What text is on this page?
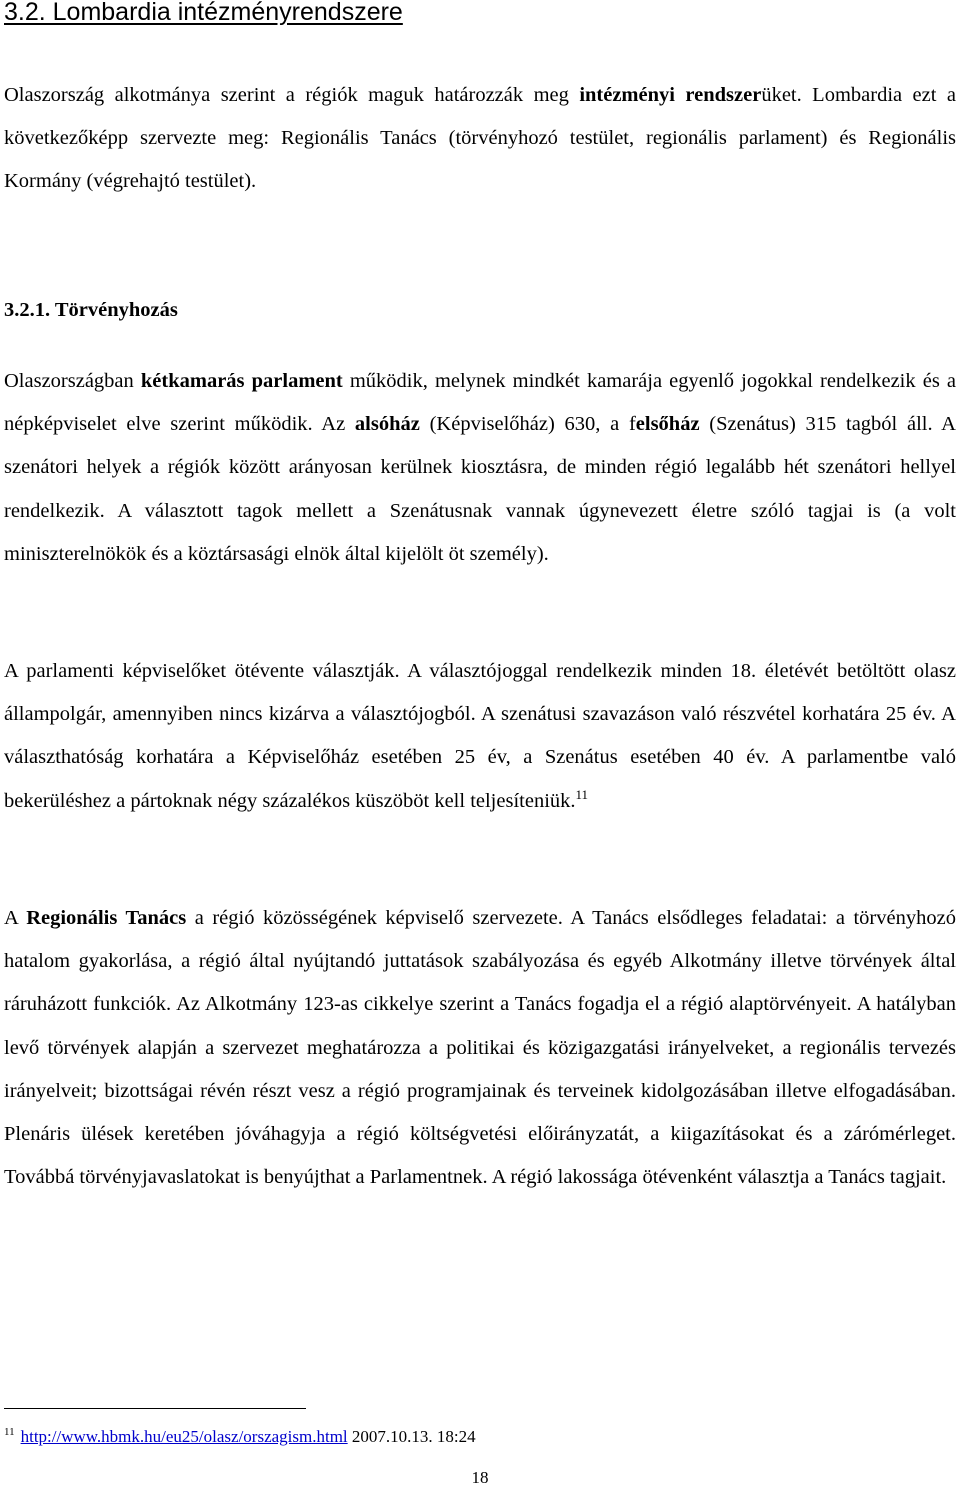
3.2. Lombardia intézményrendszere

Olaszország alkotmánya szerint a régiók maguk határozzák meg intézményi rendszerüket. Lombardia ezt a következőképp szervezte meg: Regionális Tanács (törvényhozó testület, regionális parlament) és Regionális Kormány (végrehajtó testület).

3.2.1. Törvényhozás

Olaszországban kétkamarás parlament működik, melynek mindkét kamarája egyenlő jogokkal rendelkezik és a népképviselet elve szerint működik. Az alsóház (Képviselőház) 630, a felsőház (Szenátus) 315 tagból áll. A szenátori helyek a régiók között arányosan kerülnek kiosztásra, de minden régió legalább hét szenátori hellyel rendelkezik. A választott tagok mellett a Szenátusnak vannak úgynevezett életre szóló tagjai is (a volt miniszterelnökök és a köztársasági elnök által kijelölt öt személy).

A parlamenti képviselőket ötévente választják. A választójoggal rendelkezik minden 18. életévét betöltött olasz állampolgár, amennyiben nincs kizárva a választójogból. A szenátusi szavazáson való részvétel korhatára 25 év. A választhatóság korhatára a Képviselőház esetében 25 év, a Szenátus esetében 40 év. A parlamentbe való bekerüléshez a pártoknak négy százalékos küszöböt kell teljesíteniük.$^{11}$

A Regionális Tanács a régió közösségének képviselő szervezete. A Tanács elsődleges feladatai: a törvényhozó hatalom gyakorlása, a régió által nyújtandó juttatások szabályozása és egyéb Alkotmány illetve törvények által ráruházott funkciók. Az Alkotmány 123-as cikkelye szerint a Tanács fogadja el a régió alaptörvényeit. A hatályban levő törvények alapján a szervezet meghatározza a politikai és közigazgatási irányelveket, a regionális tervezés irányelveit; bizottságai révén részt vesz a régió programjainak és terveinek kidolgozásában illetve elfogadásában. Plenáris ülések keretében jóváhagyja a régió költségvetési előirányzatát, a kiigazításokat és a zárómérleget. Továbbá törvényjavaslatokat is benyújthat a Parlamentnek. A régió lakossága ötévenként választja a Tanács tagjait.

$^{11}$ http://www.hbmk.hu/eu25/olasz/orszagism.html 2007.10.13. 18:24
18
